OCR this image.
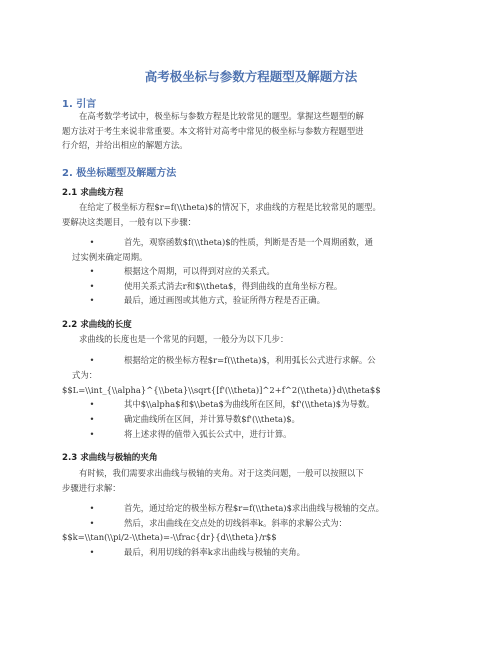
高考极坐标与参数方程题型及解题方法
1. 引言
在高考数学考试中，极坐标与参数方程是比较常见的题型。掌握这些题型的解
题方法对于考生来说非常重要。本文将针对高考中常见的极坐标与参数方程题型进
行介绍，并给出相应的解题方法。
2. 极坐标题型及解题方法
2.1 求曲线方程
在给定了极坐标方程$r=f(\\theta)$的情况下，求曲线的方程是比较常见的题型。
要解决这类题目，一般有以下步骤：
•	首先，观察函数$f(\\theta)$的性质，判断是否是一个周期函数，通
过实例来确定周期。
•	根据这个周期，可以得到对应的关系式。
•	使用关系式消去r和$\\theta$，得到曲线的直角坐标方程。
•	最后，通过画图或其他方式，验证所得方程是否正确。
2.2 求曲线的长度
求曲线的长度也是一个常见的问题，一般分为以下几步：
•	根据给定的极坐标方程$r=f(\\theta)$，利用弧长公式进行求解。公
式为：
$$L=\\int_{\\alpha}^{\\beta}\\sqrt{[f'(\\theta)]^2+f^2(\\theta)}d\\theta$$
•	其中$\\alpha$和$\\beta$为曲线所在区间，$f'(\\theta)$为导数。
•	确定曲线所在区间，并计算导数$f'(\\theta)$。
•	将上述求得的值带入弧长公式中，进行计算。
2.3 求曲线与极轴的夹角
有时候，我们需要求出曲线与极轴的夹角。对于这类问题，一般可以按照以下
步骤进行求解：
•	首先，通过给定的极坐标方程$r=f(\\theta)$求出曲线与极轴的交点。
•	然后，求出曲线在交点处的切线斜率k。斜率的求解公式为：
$$k=\\tan(\\pi/2-\\theta)=-\\frac{dr}{d\\theta}/r$$
•	最后，利用切线的斜率k求出曲线与极轴的夹角。
